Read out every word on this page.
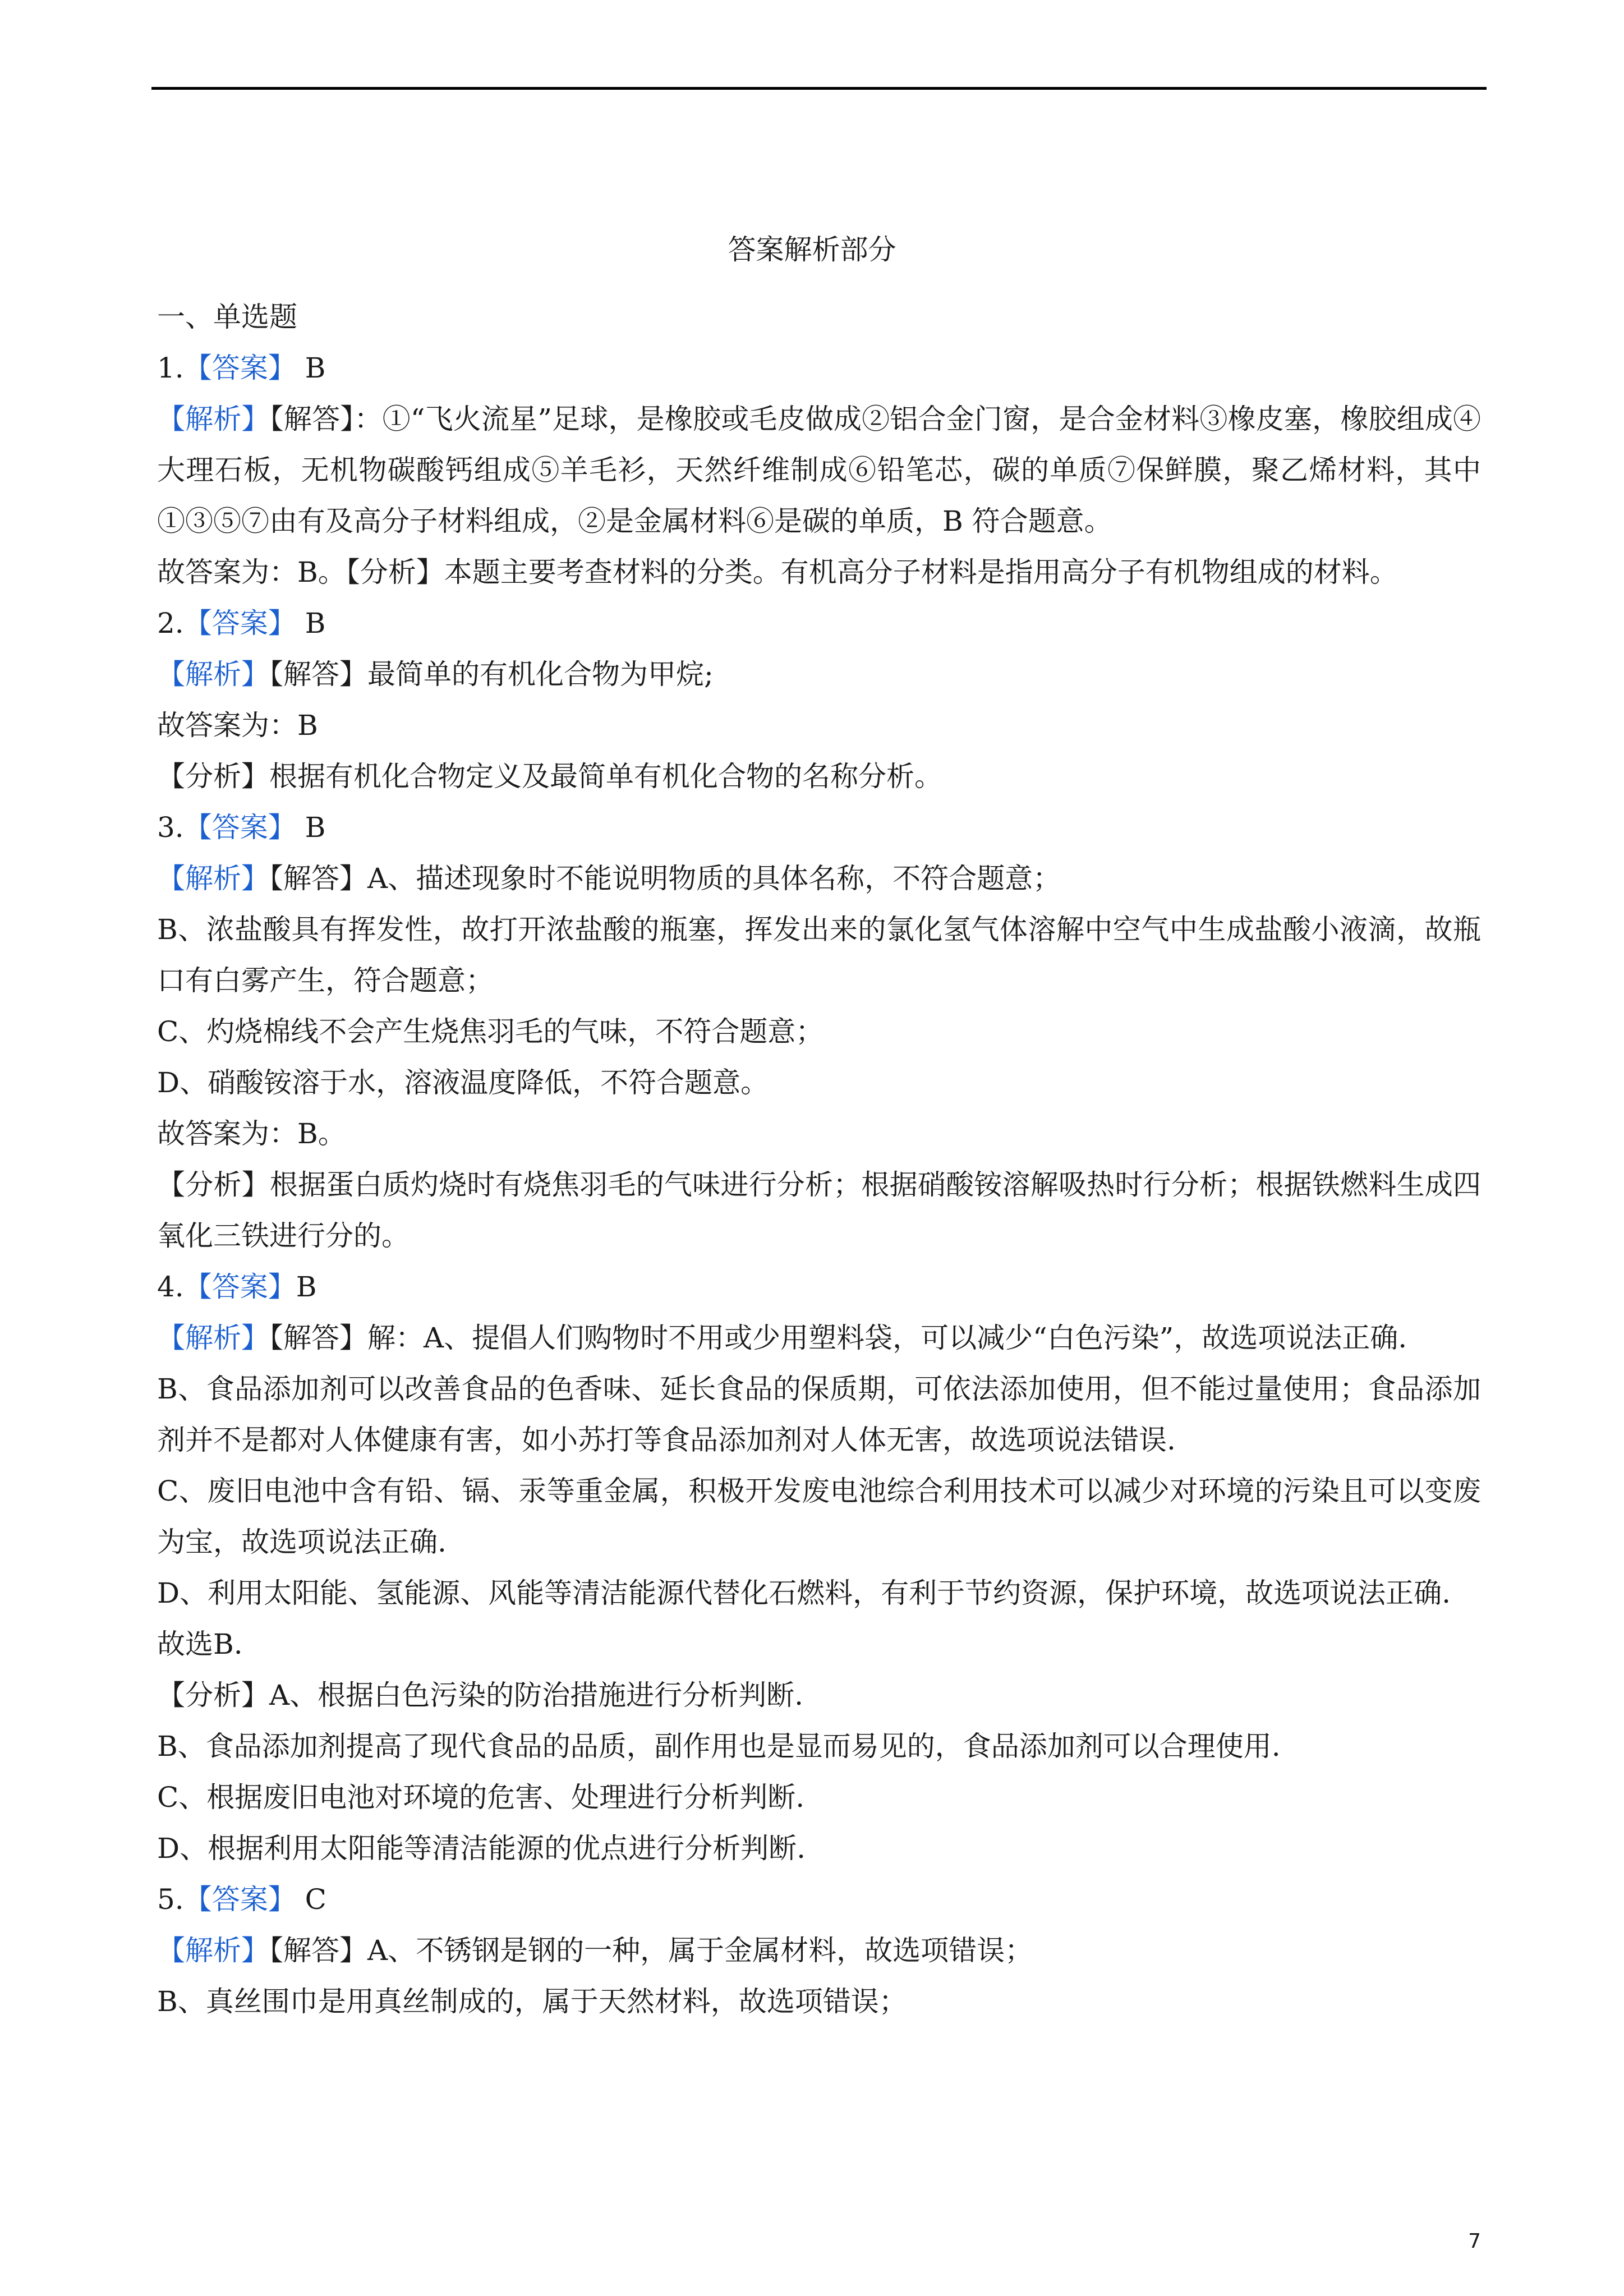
答案解析部分
一、单选题
1.【答案】 B
【解析】【解答】：①“飞火流星”足球，是橡胶或毛皮做成②铝合金门窗，是合金材料③橡皮塞，橡胶组成④大理石板，无机物碳酸钙组成⑤羊毛衫，天然纤维制成⑥铅笔芯，碳的单质⑦保鲜膜，聚乙烯材料，其中①③⑤⑦由有及高分子材料组成，②是金属材料⑥是碳的单质，B 符合题意。
故答案为：B。【分析】本题主要考查材料的分类。有机高分子材料是指用高分子有机物组成的材料。
2.【答案】 B
【解析】【解答】最简单的有机化合物为甲烷;
故答案为：B
【分析】根据有机化合物定义及最简单有机化合物的名称分析。
3.【答案】 B
【解析】【解答】A、描述现象时不能说明物质的具体名称，不符合题意；
B、浓盐酸具有挥发性，故打开浓盐酸的瓶塞，挥发出来的氯化氢气体溶解中空气中生成盐酸小液滴，故瓶口有白雾产生，符合题意；
C、灼烧棉线不会产生烧焦羽毛的气味，不符合题意；
D、硝酸铵溶于水，溶液温度降低，不符合题意。
故答案为：B。
【分析】根据蛋白质灼烧时有烧焦羽毛的气味进行分析；根据硝酸铵溶解吸热时行分析；根据铁燃料生成四氧化三铁进行分的。
4.【答案】B
【解析】【解答】解：A、提倡人们购物时不用或少用塑料袋，可以减少“白色污染”，故选项说法正确.
B、食品添加剂可以改善食品的色香味、延长食品的保质期，可依法添加使用，但不能过量使用；食品添加剂并不是都对人体健康有害，如小苏打等食品添加剂对人体无害，故选项说法错误.
C、废旧电池中含有铅、镉、汞等重金属，积极开发废电池综合利用技术可以减少对环境的污染且可以变废为宝，故选项说法正确.
D、利用太阳能、氢能源、风能等清洁能源代替化石燃料，有利于节约资源，保护环境，故选项说法正确.
故选B.
【分析】A、根据白色污染的防治措施进行分析判断.
B、食品添加剂提高了现代食品的品质，副作用也是显而易见的，食品添加剂可以合理使用.
C、根据废旧电池对环境的危害、处理进行分析判断.
D、根据利用太阳能等清洁能源的优点进行分析判断.
5.【答案】 C
【解析】【解答】A、不锈钢是钢的一种，属于金属材料，故选项错误；
B、真丝围巾是用真丝制成的，属于天然材料，故选项错误；
7
